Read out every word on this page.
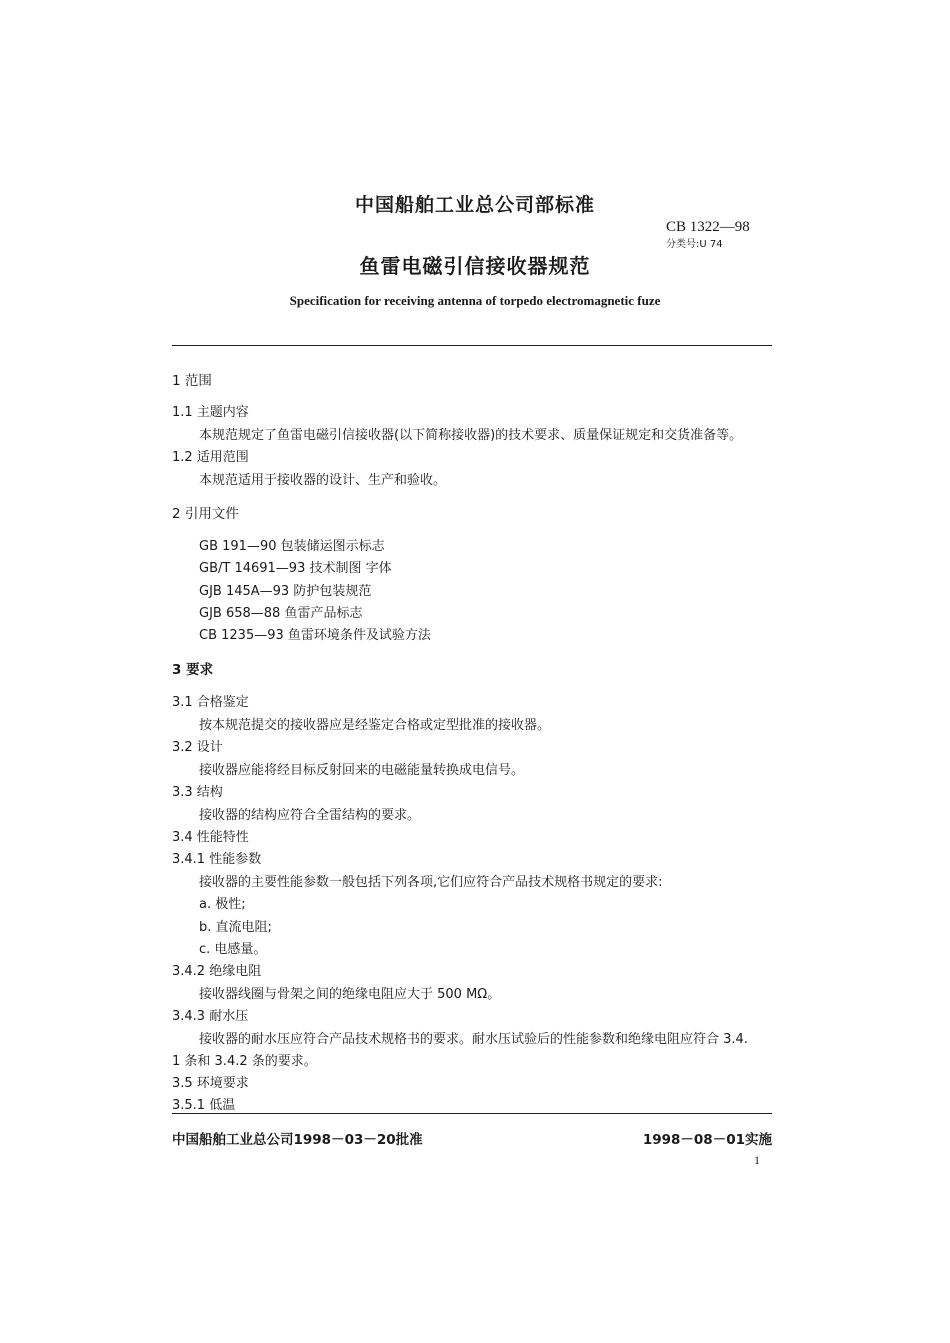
中国船舶工业总公司部标准
CB 1322—98
分类号:U 74
鱼雷电磁引信接收器规范
Specification for receiving antenna of torpedo electromagnetic fuze
1 范围
1.1 主题内容
本规范规定了鱼雷电磁引信接收器(以下简称接收器)的技术要求、质量保证规定和交货准备等。
1.2 适用范围
本规范适用于接收器的设计、生产和验收。
2 引用文件
GB 191—90 包装储运图示标志
GB/T 14691—93 技术制图 字体
GJB 145A—93 防护包装规范
GJB 658—88 鱼雷产品标志
CB 1235—93 鱼雷环境条件及试验方法
3 要求
3.1 合格鉴定
按本规范提交的接收器应是经鉴定合格或定型批准的接收器。
3.2 设计
接收器应能将经目标反射回来的电磁能量转换成电信号。
3.3 结构
接收器的结构应符合全雷结构的要求。
3.4 性能特性
3.4.1 性能参数
接收器的主要性能参数一般包括下列各项,它们应符合产品技术规格书规定的要求:
a. 极性;
b. 直流电阻;
c. 电感量。
3.4.2 绝缘电阻
接收器线圈与骨架之间的绝缘电阻应大于 500 MΩ。
3.4.3 耐水压
接收器的耐水压应符合产品技术规格书的要求。耐水压试验后的性能参数和绝缘电阻应符合 3.4.
1 条和 3.4.2 条的要求。
3.5 环境要求
3.5.1 低温
中国船舶工业总公司1998－03－20批准	1998－08－01实施
1
